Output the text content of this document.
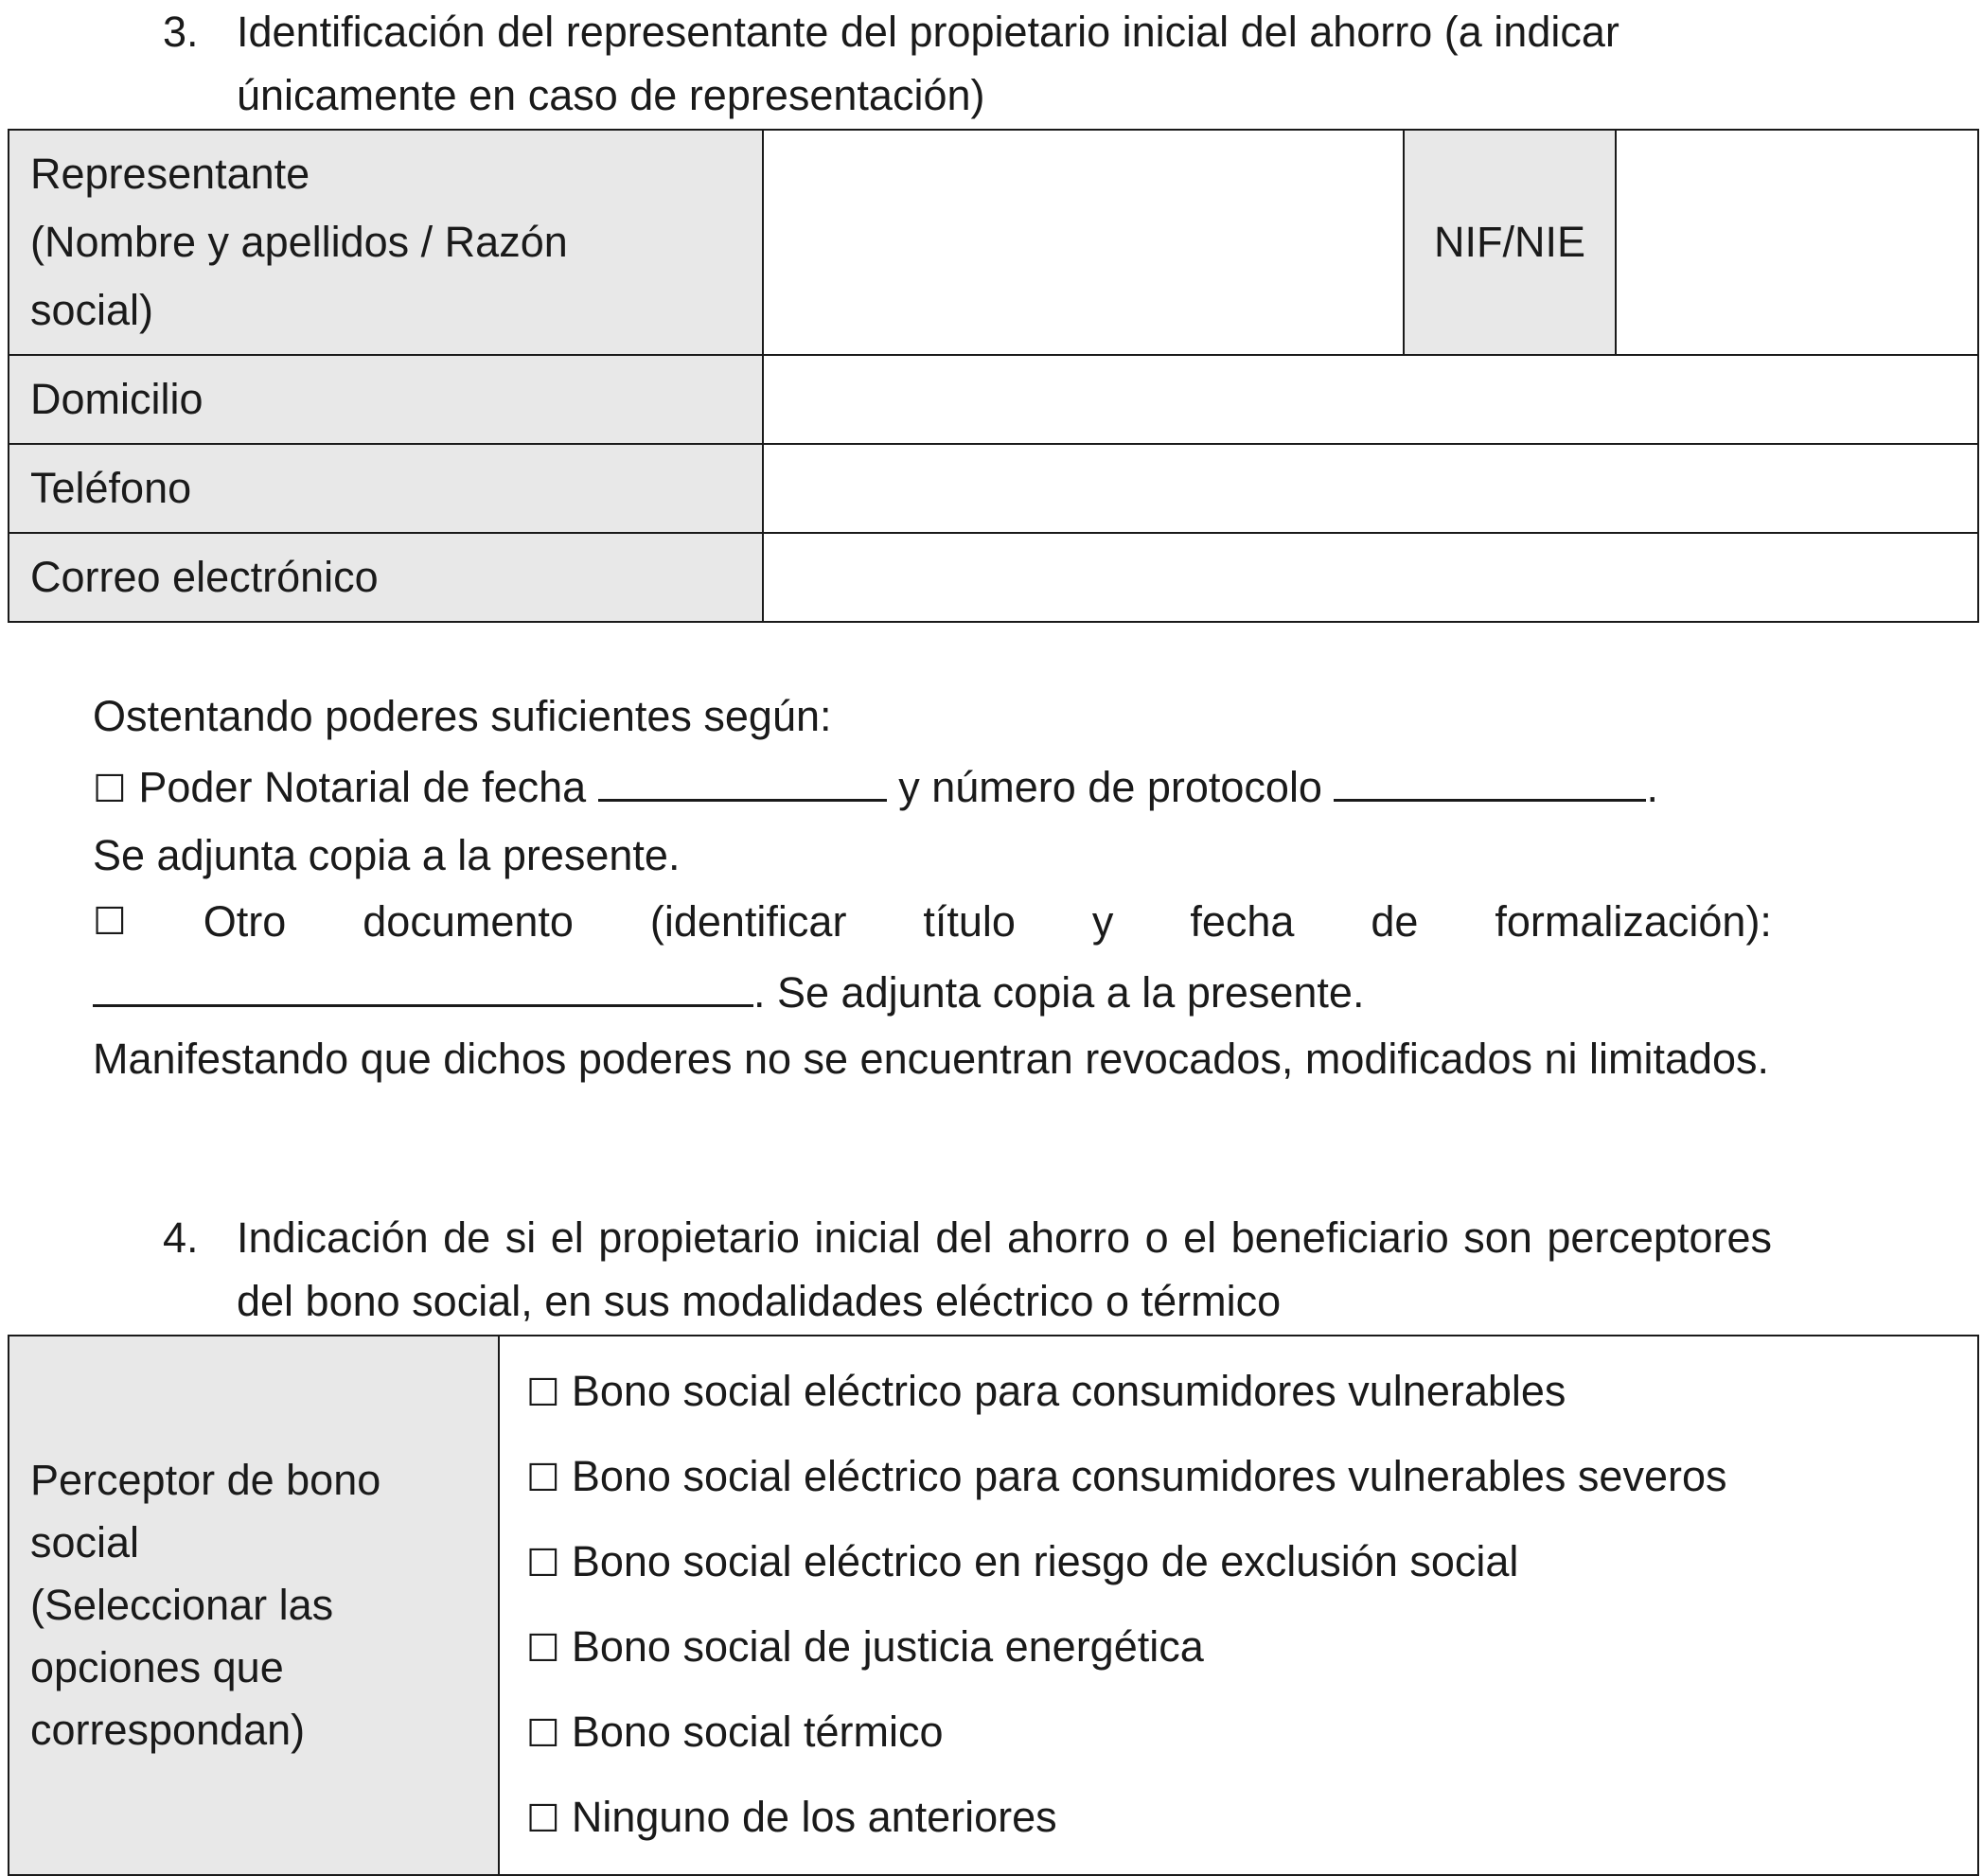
3. Identificación del representante del propietario inicial del ahorro (a indicar
únicamente en caso de representación)
Representante
(Nombre y apellidos / Razón
social)		NIF/NIE	
Domicilio			
Teléfono			
Correo electrónico			
Ostentando poderes suficientes según:
☐ Poder Notarial de fecha	y número de protocolo	.
Se adjunta copia a la presente.
☐ Otro documento (identificar título y fecha de formalización):
. Se adjunta copia a la presente.
Manifestando que dichos poderes no se encuentran revocados, modificados ni limitados.
4. Indicación de si el propietario inicial del ahorro o el beneficiario son perceptores del bono social, en sus modalidades eléctrico o térmico
Perceptor de bono
social
(Seleccionar las
opciones que
correspondan)

☐ Bono social eléctrico para consumidores vulnerables
☐ Bono social eléctrico para consumidores vulnerables severos
☐ Bono social eléctrico en riesgo de exclusión social
☐ Bono social de justicia energética
☐ Bono social térmico
☐ Ninguno de los anteriores
